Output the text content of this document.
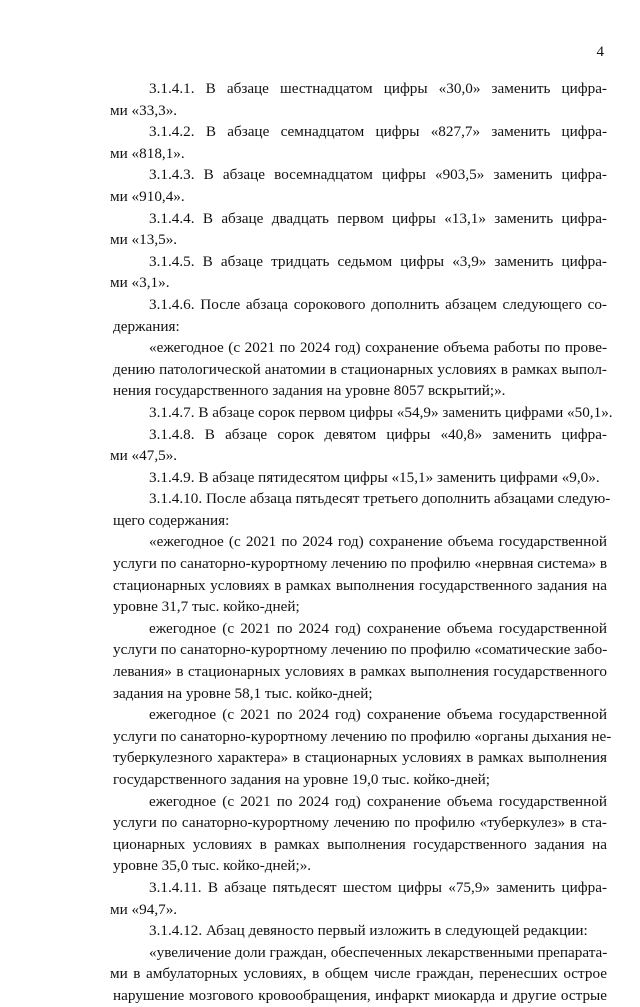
4
3.1.4.1. В абзаце шестнадцатом цифры «30,0» заменить цифра-
ми «33,3».
3.1.4.2. В абзаце семнадцатом цифры «827,7» заменить цифра-
ми «818,1».
3.1.4.3. В абзаце восемнадцатом цифры «903,5» заменить цифра-
ми «910,4».
3.1.4.4. В абзаце двадцать первом цифры «13,1» заменить цифра-
ми «13,5».
3.1.4.5. В абзаце тридцать седьмом цифры «3,9» заменить цифра-
ми «3,1».
3.1.4.6. После абзаца сорокового дополнить абзацем следующего со-
держания:
«ежегодное (с 2021 по 2024 год) сохранение объема работы по прове-
дению патологической анатомии в стационарных условиях в рамках выпол-
нения государственного задания на уровне 8057 вскрытий;».
3.1.4.7. В абзаце сорок первом цифры «54,9» заменить цифрами «50,1».
3.1.4.8. В абзаце сорок девятом цифры «40,8» заменить цифра-
ми «47,5».
3.1.4.9. В абзаце пятидесятом цифры «15,1» заменить цифрами «9,0».
3.1.4.10. После абзаца пятьдесят третьего дополнить абзацами следую-
щего содержания:
«ежегодное (с 2021 по 2024 год) сохранение объема государственной
услуги по санаторно-курортному лечению по профилю «нервная система» в
стационарных условиях в рамках выполнения государственного задания на
уровне 31,7 тыс. койко-дней;
ежегодное (с 2021 по 2024 год) сохранение объема государственной
услуги по санаторно-курортному лечению по профилю «соматические забо-
левания» в стационарных условиях в рамках выполнения государственного
задания на уровне 58,1 тыс. койко-дней;
ежегодное (с 2021 по 2024 год) сохранение объема государственной
услуги по санаторно-курортному лечению по профилю «органы дыхания не-
туберкулезного характера» в стационарных условиях в рамках выполнения
государственного задания на уровне 19,0 тыс. койко-дней;
ежегодное (с 2021 по 2024 год) сохранение объема государственной
услуги по санаторно-курортному лечению по профилю «туберкулез» в ста-
ционарных условиях в рамках выполнения государственного задания на
уровне 35,0 тыс. койко-дней;».
3.1.4.11. В абзаце пятьдесят шестом цифры «75,9» заменить цифра-
ми «94,7».
3.1.4.12. Абзац девяносто первый изложить в следующей редакции:
«увеличение доли граждан, обеспеченных лекарственными препарата-
ми в амбулаторных условиях, в общем числе граждан, перенесших острое
нарушение мозгового кровообращения, инфаркт миокарда и другие острые
